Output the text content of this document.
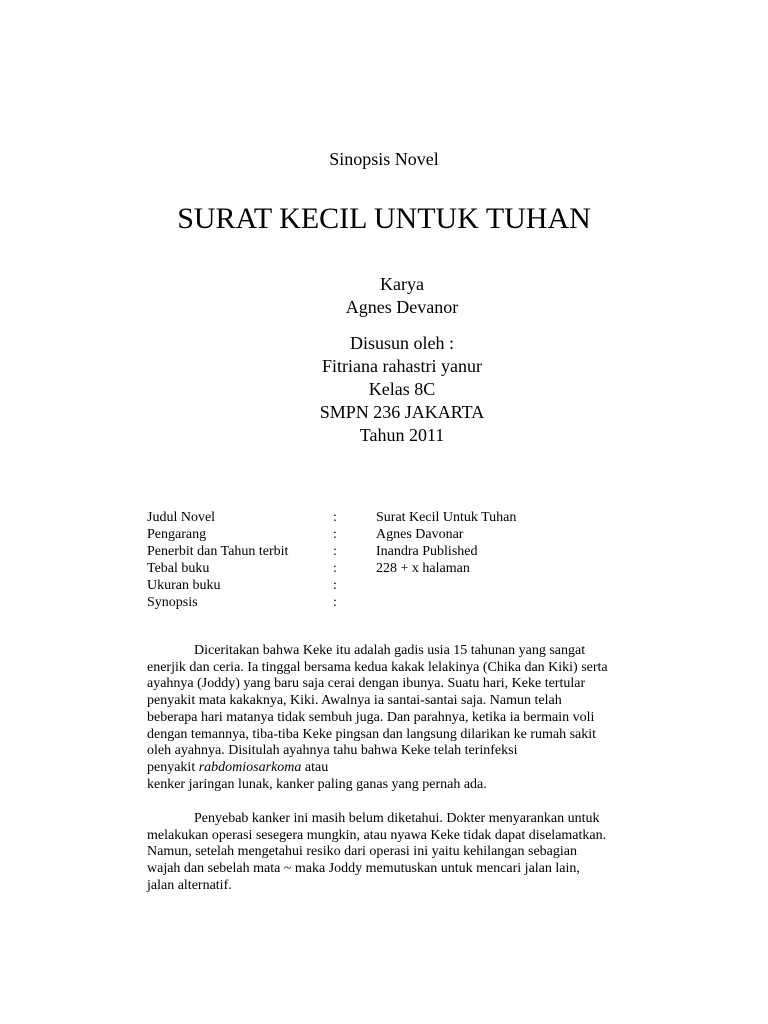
Sinopsis Novel
SURAT KECIL UNTUK TUHAN
Karya
Agnes Devanor
Disusun oleh :
Fitriana rahastri yanur
Kelas 8C
SMPN 236 JAKARTA
Tahun 2011
Judul Novel	:	Surat Kecil Untuk Tuhan
Pengarang	:	Agnes Davonar
Penerbit dan Tahun terbit	:	Inandra Published
Tebal buku	:	228 + x halaman
Ukuran buku	:
Synopsis	:
Diceritakan bahwa Keke itu adalah gadis usia 15 tahunan yang sangat
enerjik dan ceria. Ia tinggal bersama kedua kakak lelakinya (Chika dan Kiki) serta
ayahnya (Joddy) yang baru saja cerai dengan ibunya. Suatu hari, Keke tertular
penyakit mata kakaknya, Kiki. Awalnya ia santai-santai saja. Namun telah
beberapa hari matanya tidak sembuh juga. Dan parahnya, ketika ia bermain voli
dengan temannya, tiba-tiba Keke pingsan dan langsung dilarikan ke rumah sakit
oleh ayahnya. Disitulah ayahnya tahu bahwa Keke telah terinfeksi
penyakit rabdomiosarkoma atau
kenker jaringan lunak, kanker paling ganas yang pernah ada.
Penyebab kanker ini masih belum diketahui. Dokter menyarankan untuk
melakukan operasi sesegera mungkin, atau nyawa Keke tidak dapat diselamatkan.
Namun, setelah mengetahui resiko dari operasi ini yaitu kehilangan sebagian
wajah dan sebelah mata ~ maka Joddy memutuskan untuk mencari jalan lain,
jalan alternatif.
